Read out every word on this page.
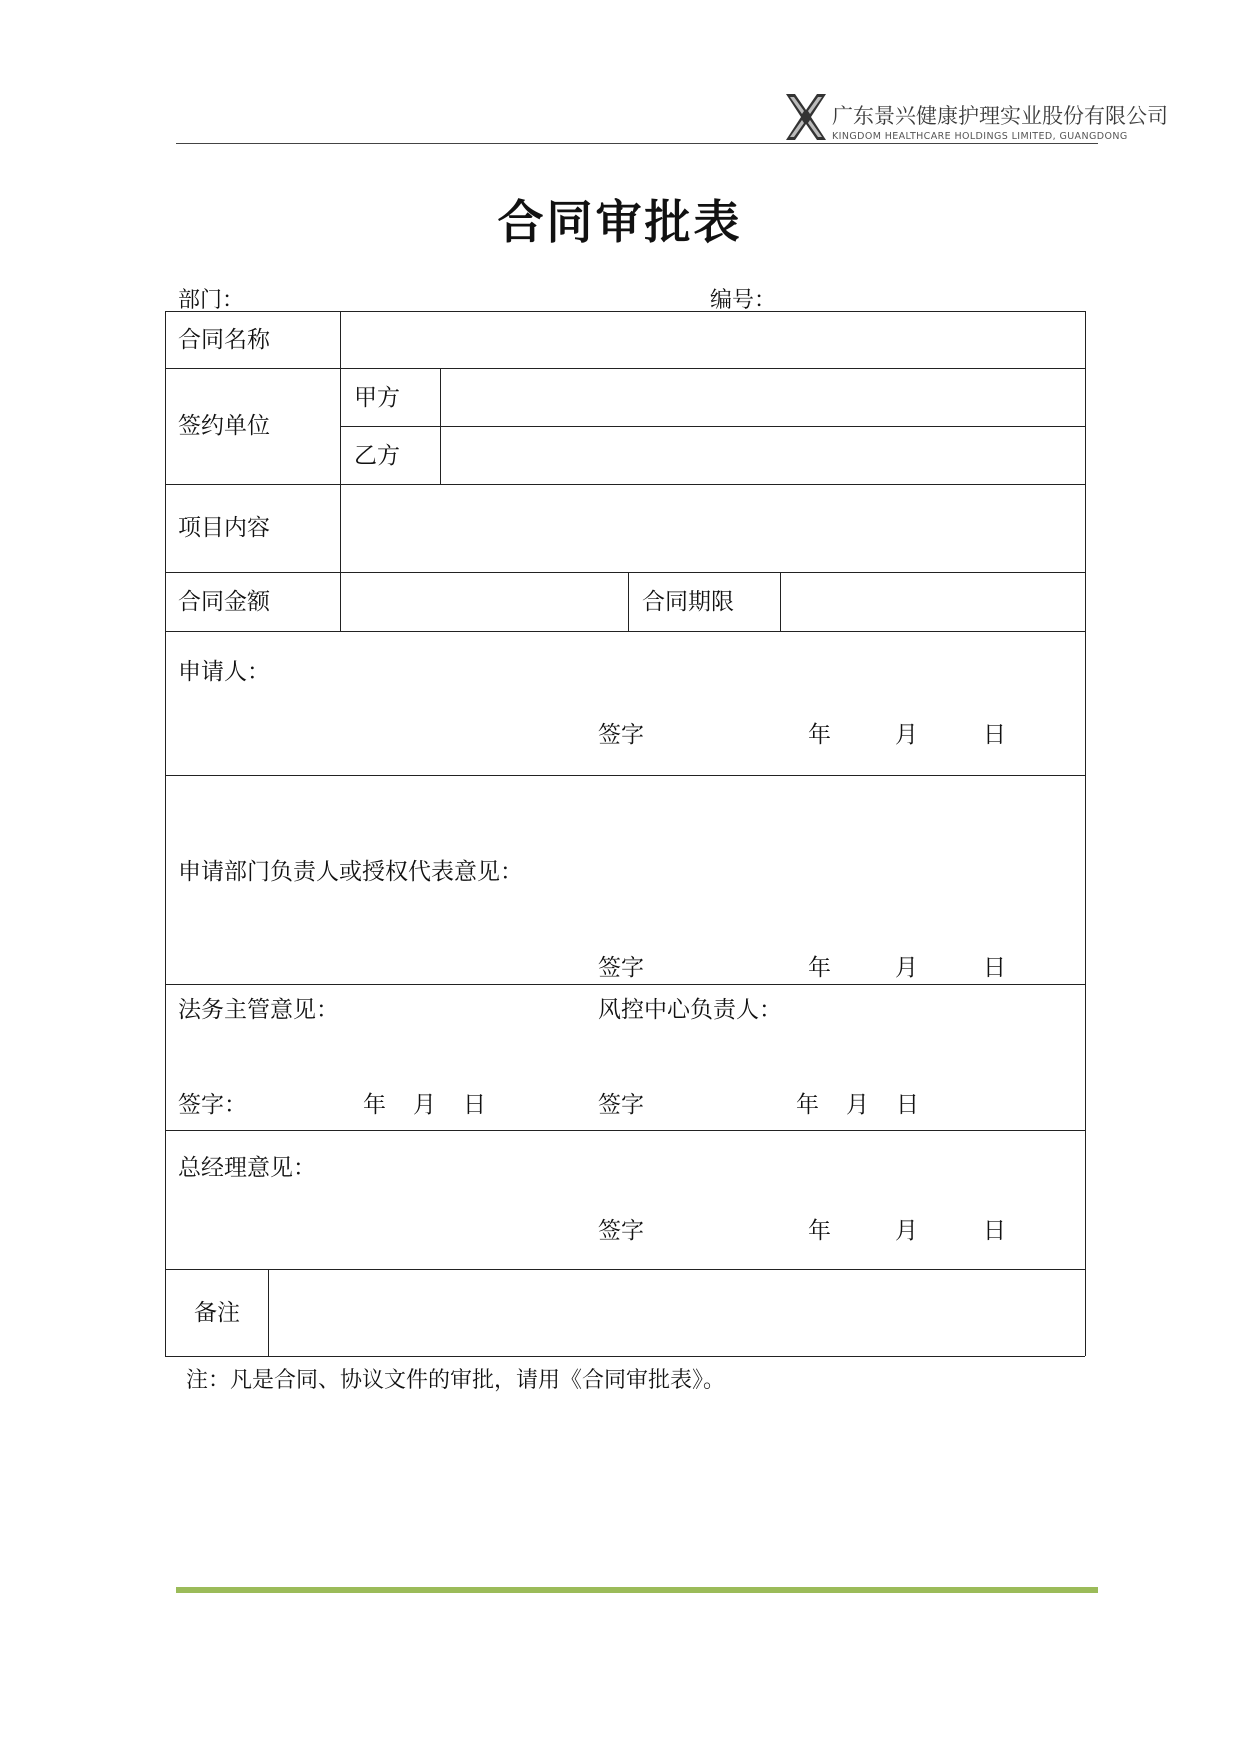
广东景兴健康护理实业股份有限公司
KINGDOM HEALTHCARE HOLDINGS LIMITED, GUANGDONG
合同审批表
部门：	编号：
合同名称
签约单位
甲方
乙方
项目内容
合同金额	合同期限
申请人：
签字	年	月	日
申请部门负责人或授权代表意见：
签字	年	月	日
法务主管意见：	风控中心负责人：
签字：	年 月 日	签字	年 月 日
总经理意见：
签字	年	月	日
备注
注：凡是合同、协议文件的审批，请用《合同审批表》。
